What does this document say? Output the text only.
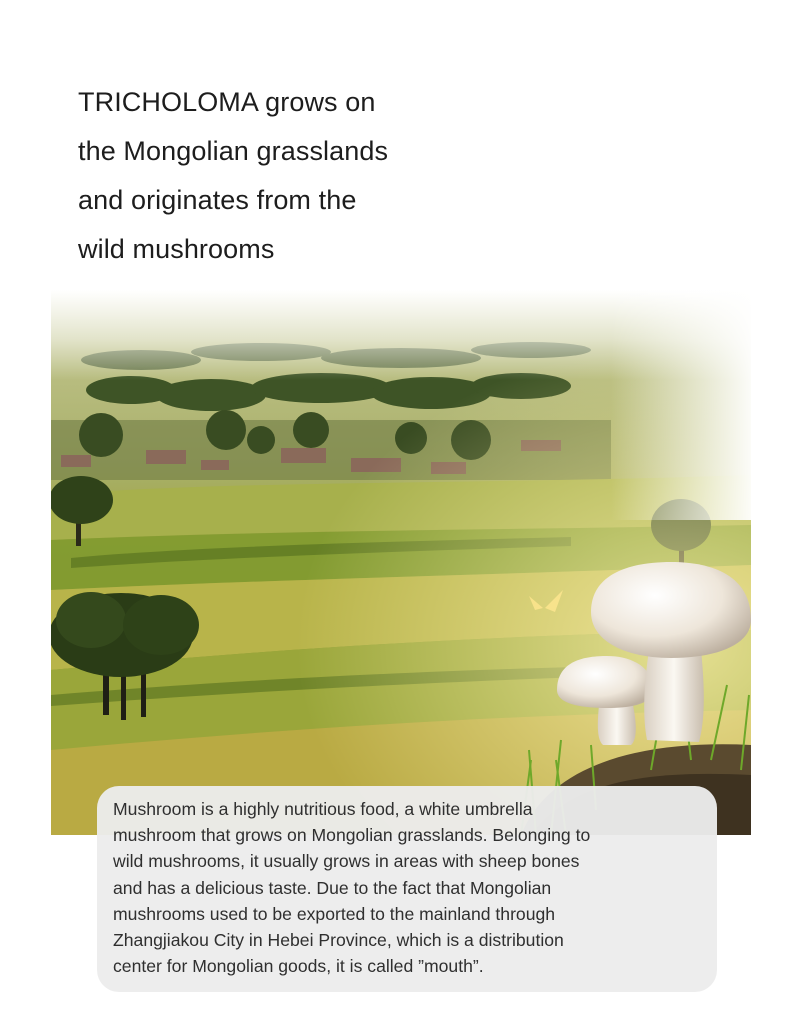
TRICHOLOMA grows on
the Mongolian grasslands
and originates from the
wild mushrooms

Mushroom is a highly nutritious food, a white umbrella
mushroom that grows on Mongolian grasslands. Belonging to
wild mushrooms, it usually grows in areas with sheep bones
and has a delicious taste. Due to the fact that Mongolian
mushrooms used to be exported to the mainland through
Zhangjiakou City in Hebei Province, which is a distribution
center for Mongolian goods, it is called ”mouth”.
